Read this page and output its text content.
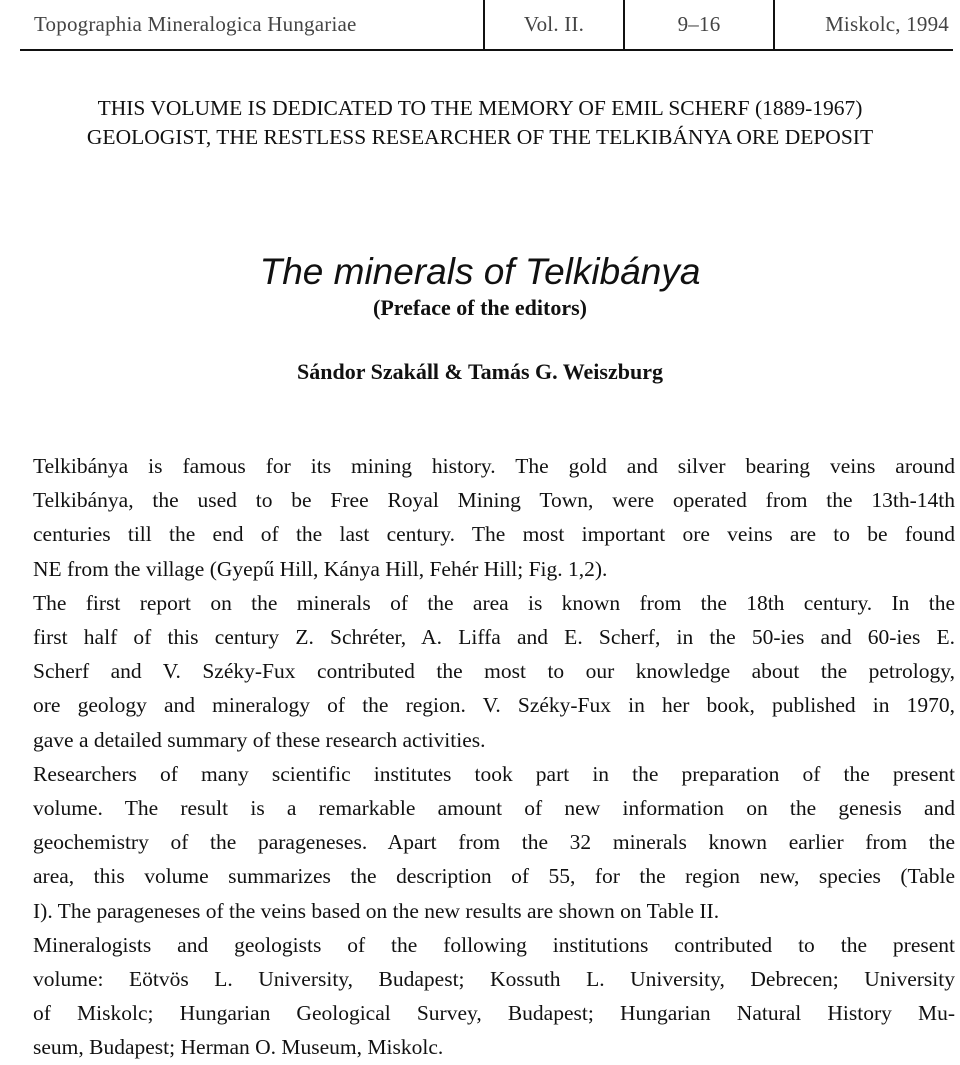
Topographia Mineralogica Hungariae	Vol. II.	9–16	Miskolc, 1994

THIS VOLUME IS DEDICATED TO THE MEMORY OF EMIL SCHERF (1889-1967)

GEOLOGIST, THE RESTLESS RESEARCHER OF THE TELKIBÁNYA ORE DEPOSIT

The minerals of Telkibánya

(Preface of the editors)

Sándor Szakáll & Tamás G. Weiszburg

Telkibánya is famous for its mining history. The gold and silver bearing veins around
Telkibánya, the used to be Free Royal Mining Town, were operated from the 13th-14th
centuries till the end of the last century. The most important ore veins are to be found
NE from the village (Gyepű Hill, Kánya Hill, Fehér Hill; Fig. 1,2).
The first report on the minerals of the area is known from the 18th century. In the
first half of this century Z. Schréter, A. Liffa and E. Scherf, in the 50-ies and 60-ies E.
Scherf and V. Széky-Fux contributed the most to our knowledge about the petrology,
ore geology and mineralogy of the region. V. Széky-Fux in her book, published in 1970,
gave a detailed summary of these research activities.
Researchers of many scientific institutes took part in the preparation of the present
volume. The result is a remarkable amount of new information on the genesis and
geochemistry of the parageneses. Apart from the 32 minerals known earlier from the
area, this volume summarizes the description of 55, for the region new, species (Table
I). The parageneses of the veins based on the new results are shown on Table II.
Mineralogists and geologists of the following institutions contributed to the present
volume: Eötvös L. University, Budapest; Kossuth L. University, Debrecen; University
of Miskolc; Hungarian Geological Survey, Budapest; Hungarian Natural History Mu-
seum, Budapest; Herman O. Museum, Miskolc.
